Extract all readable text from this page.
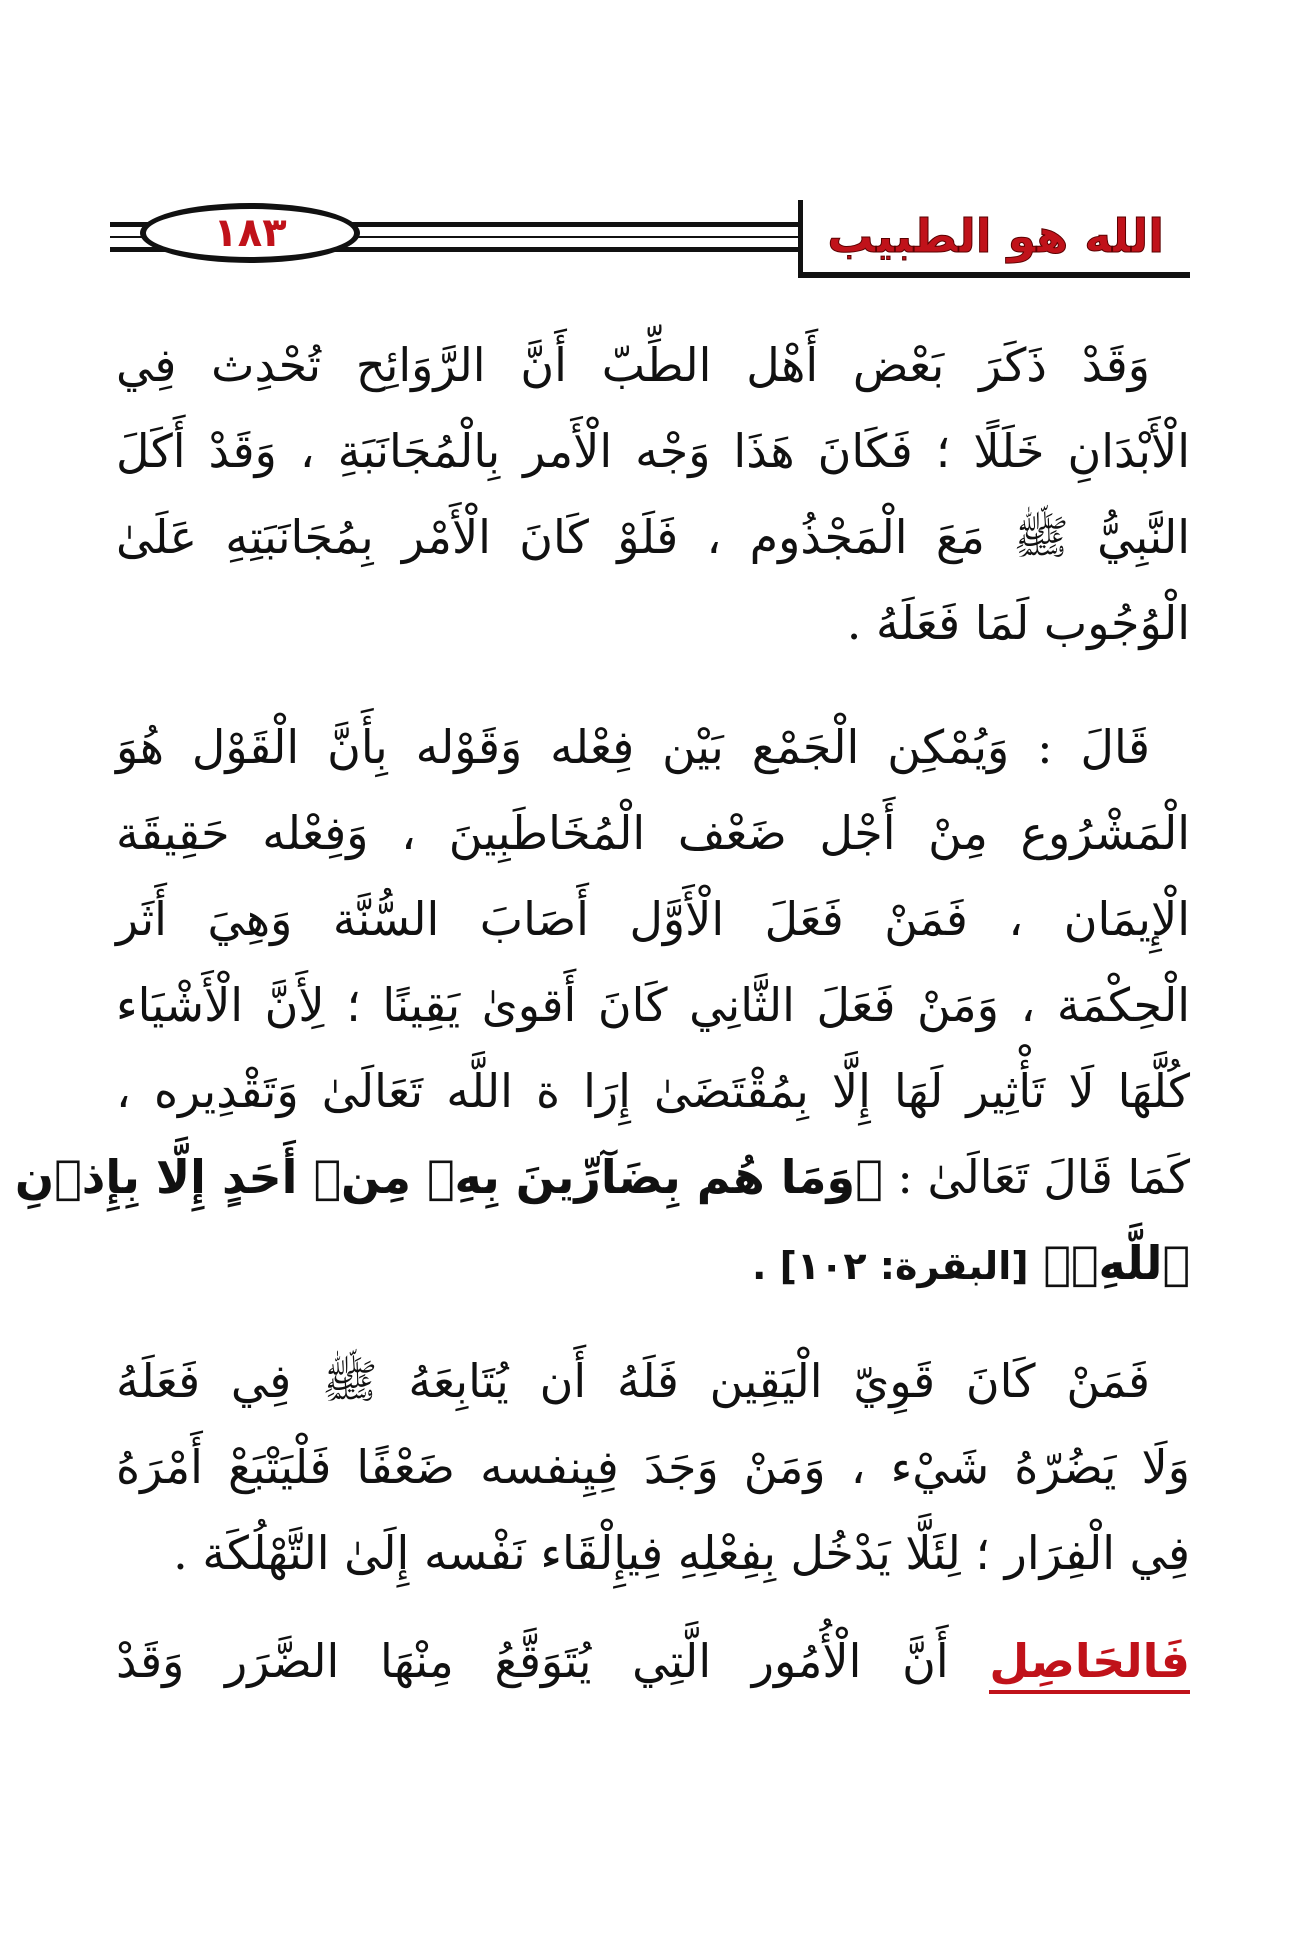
١٨٣	الله هو الطبيب
وَقَدْ ذَكَرَ بَعْض أَهْل الطِّبّ أَنَّ الرَّوَائِح تُحْدِث فِي
الْأَبْدَانِ خَلَلًا ؛ فَكَانَ هَذَا وَجْه الْأَمر بِالْمُجَانَبَةِ ، وَقَدْ أَكَلَ
النَّبِيُّ ﷺ مَعَ الْمَجْذُوم ، فَلَوْ كَانَ الْأَمْر بِمُجَانَبَتِهِ عَلَىٰ
الْوُجُوب لَمَا فَعَلَهُ .
قَالَ : وَيُمْكِن الْجَمْع بَيْن فِعْله وَقَوْله بِأَنَّ الْقَوْل هُوَ
الْمَشْرُوع مِنْ أَجْل ضَعْف الْمُخَاطَبِينَ ، وَفِعْله حَقِيقَة
الْإِيمَان ، فَمَنْ فَعَلَ الْأَوَّل أَصَابَ السُّنَّة وَهِيَ أَثَر
الْحِكْمَة ، وَمَنْ فَعَلَ الثَّانِي كَانَ أَقوىٰ يَقِينًا ؛ لِأَنَّ الْأَشْيَاء
كُلَّهَا لَا تَأْثِير لَهَا إِلَّا بِمُقْتَضَىٰ إِرَا ة اللَّه تَعَالَىٰ وَتَقْدِيره ،
كَمَا قَالَ تَعَالَىٰ : ﴿وَمَا هُم بِضَآرِّينَ بِهِۦ مِنۡ أَحَدٍ إِلَّا بِإِذۡنِ
ٱللَّهِۚ﴾ [البقرة: ١٠٢] .
فَمَنْ كَانَ قَوِيّ الْيَقِين فَلَهُ أَن يُتَابِعَهُ ﷺ فِي فَعَلَهُ
وَلَا يَضُرّهُ شَيْء ، وَمَنْ وَجَدَ فِيِنفسه ضَعْفًا فَلْيَتْبَعْ أَمْرَهُ
فِي الْفِرَار ؛ لِئَلَّا يَدْخُل بِفِعْلِهِ فِيإِلْقَاء نَفْسه إِلَىٰ التَّهْلُكَة .
فَالحَاصِل أَنَّ الْأُمُور الَّتِي يُتَوَقَّعُ مِنْهَا الضَّرَر وَقَدْ
